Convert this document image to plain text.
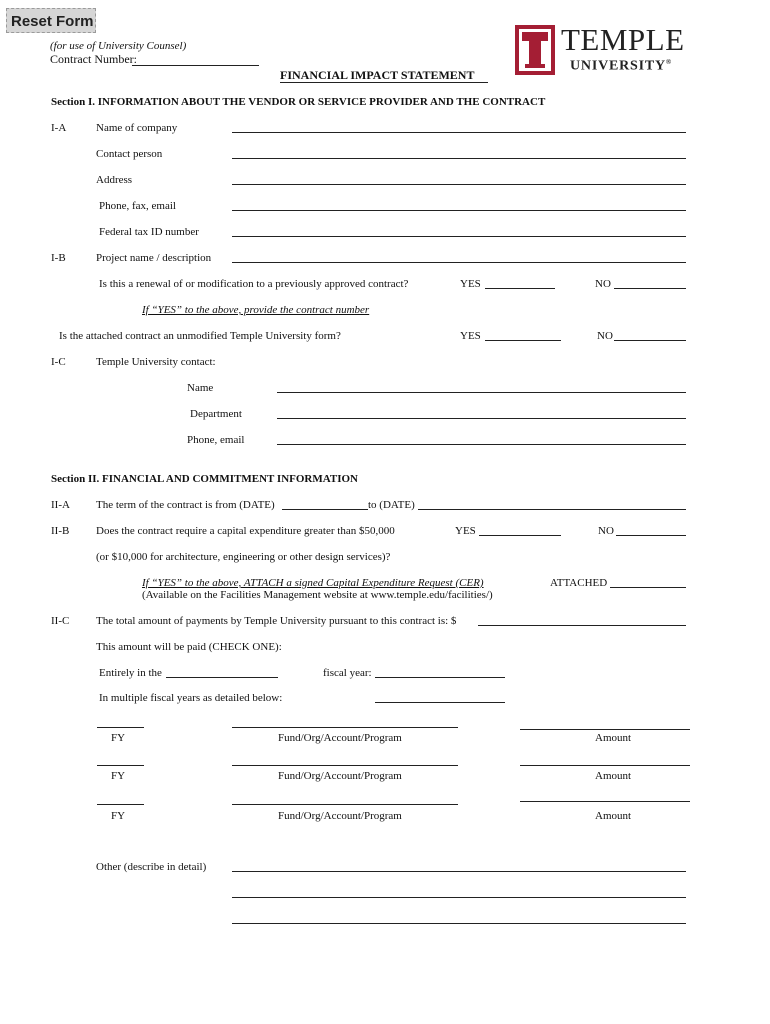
Reset Form
TEMPLE
UNIVERSITY®
(for use of University Counsel)
Contract Number:
FINANCIAL IMPACT STATEMENT
Section I. INFORMATION ABOUT THE VENDOR OR SERVICE PROVIDER AND THE CONTRACT
I-A	Name of company
Contact person
Address
Phone, fax, email
Federal tax ID number
I-B	Project name / description
Is this a renewal of or modification to a previously approved contract?	YES	NO
If “YES” to the above, provide the contract number
Is the attached contract an unmodified Temple University form?	YES	NO
I-C	Temple University contact:
Name
Department
Phone, email
Section II. FINANCIAL AND COMMITMENT INFORMATION
II-A The term of the contract is from (DATE)	to (DATE)
II-B Does the contract require a capital expenditure greater than $50,000	YES	NO
(or $10,000 for architecture, engineering or other design services)?
If “YES” to the above, ATTACH a signed Capital Expenditure Request (CER)
(Available on the Facilities Management website at www.temple.edu/facilities/)
ATTACHED
II-C The total amount of payments by Temple University pursuant to this contract is: $
This amount will be paid (CHECK ONE):
Entirely in the	fiscal year:
In multiple fiscal years as detailed below:
FY	Fund/Org/Account/Program	Amount
FY	Fund/Org/Account/Program	Amount
FY	Fund/Org/Account/Program	Amount
Other (describe in detail)
